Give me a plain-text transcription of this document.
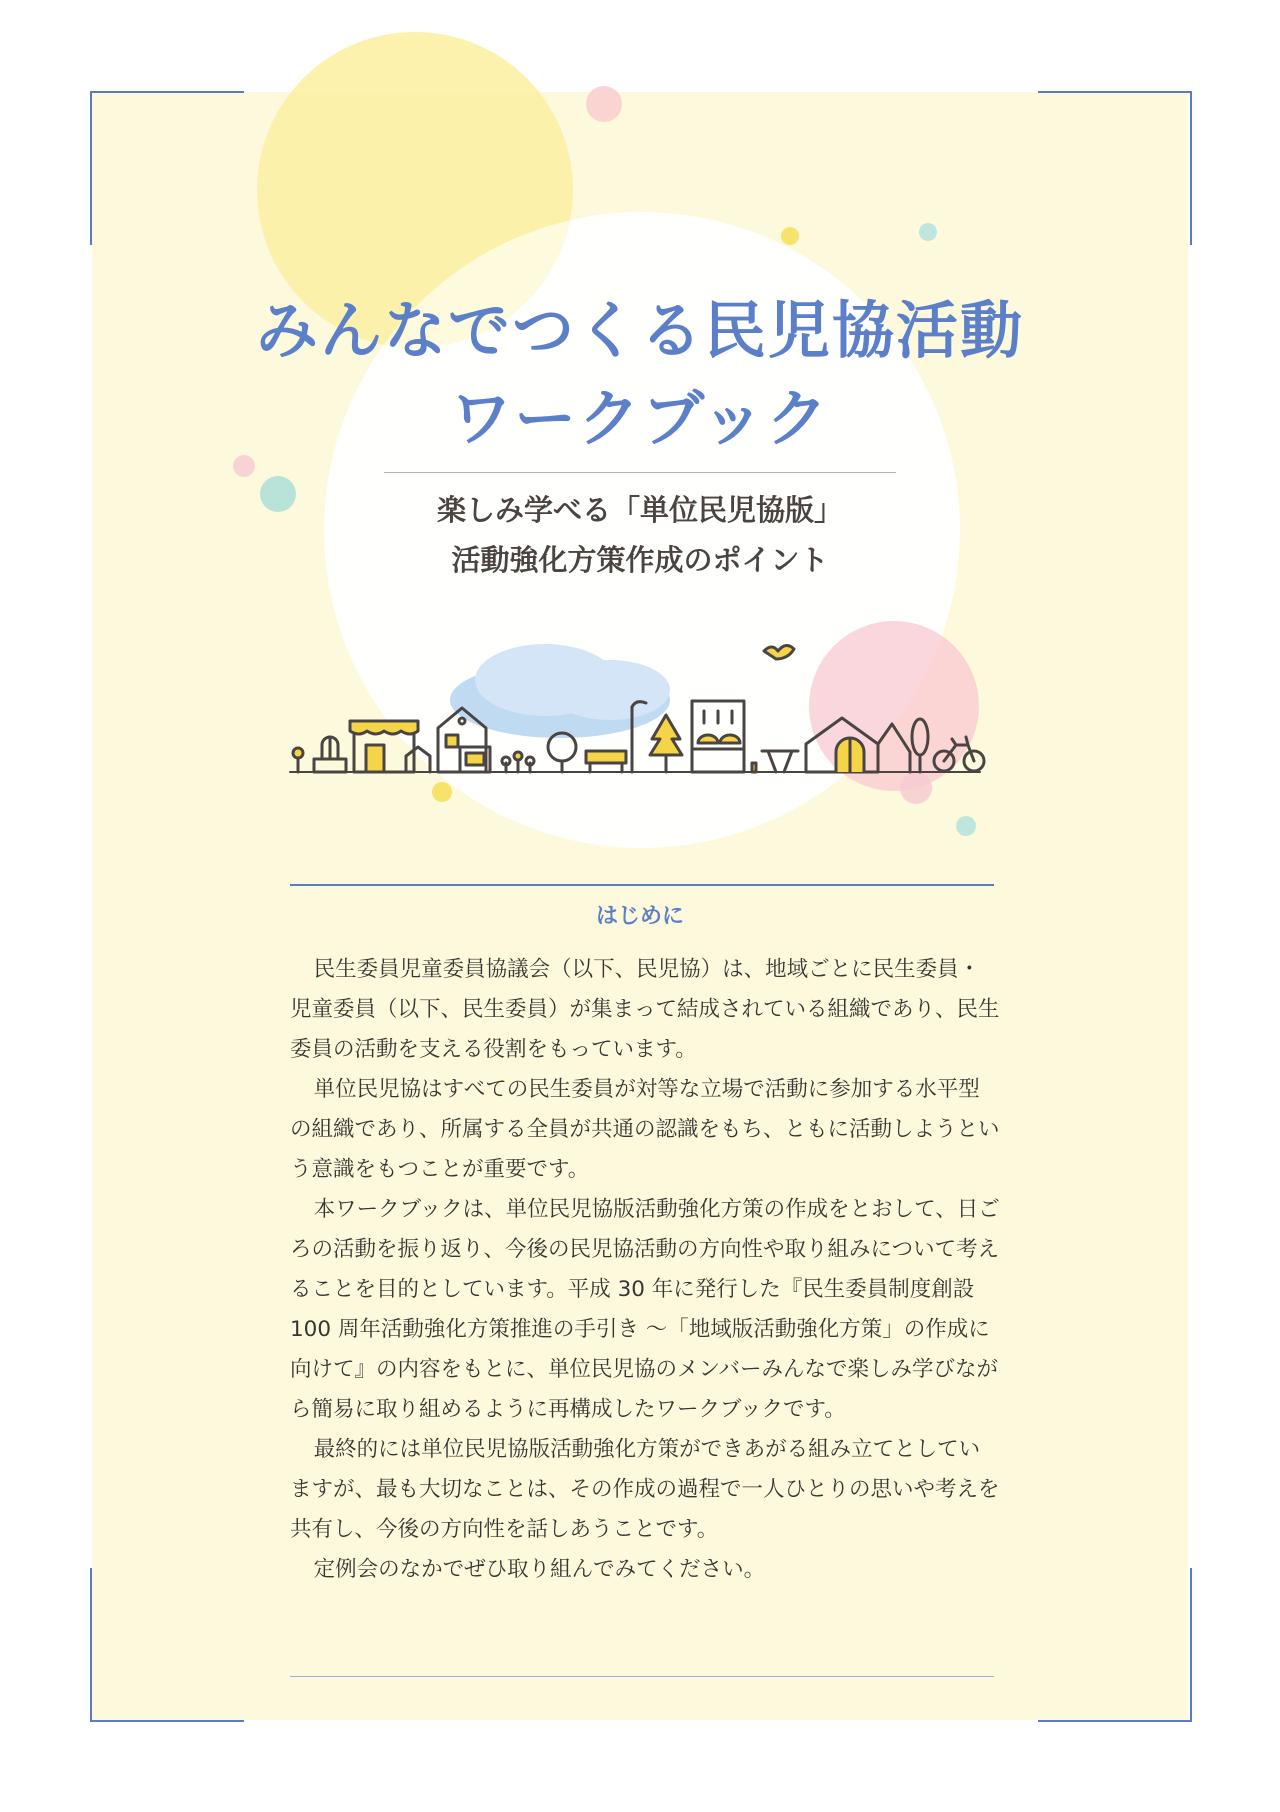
みんなでつくる民児協活動
ワークブック
楽しみ学べる「単位民児協版」
活動強化方策作成のポイント
はじめに

民生委員児童委員協議会（以下、民児協）は、地域ごとに民生委員・児童委員（以下、民生委員）が集まって結成されている組織であり、民生委員の活動を支える役割をもっています。

単位民児協はすべての民生委員が対等な立場で活動に参加する水平型の組織であり、所属する全員が共通の認識をもち、ともに活動しようという意識をもつことが重要です。

本ワークブックは、単位民児協版活動強化方策の作成をとおして、日ごろの活動を振り返り、今後の民児協活動の方向性や取り組みについて考えることを目的としています。平成 30 年に発行した『民生委員制度創設100 周年活動強化方策推進の手引き ～「地域版活動強化方策」の作成に向けて』の内容をもとに、単位民児協のメンバーみんなで楽しみ学びながら簡易に取り組めるように再構成したワークブックです。

最終的には単位民児協版活動強化方策ができあがる組み立てとしていますが、最も大切なことは、その作成の過程で一人ひとりの思いや考えを共有し、今後の方向性を話しあうことです。

定例会のなかでぜひ取り組んでみてください。
